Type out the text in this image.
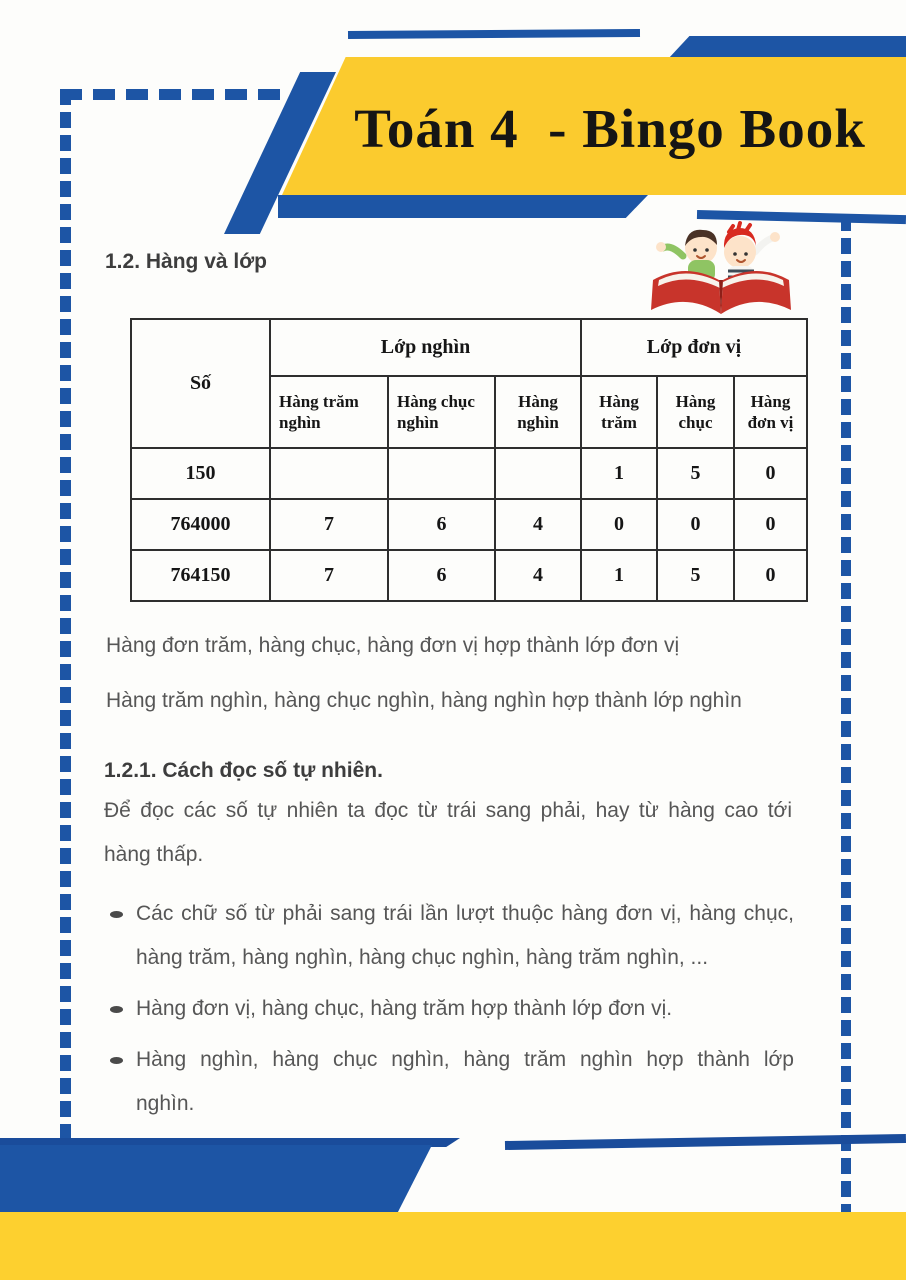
Toán 4  - Bingo Book
1.2. Hàng và lớp
Số	Lớp nghìn			Lớp đơn vị		
	Hàng trăm nghìn	Hàng chục nghìn	Hàng nghìn	Hàng trăm	Hàng chục	Hàng đơn vị
150				1	5	0
764000	7	6	4	0	0	0
764150	7	6	4	1	5	0
Hàng đơn trăm, hàng chục, hàng đơn vị hợp thành lớp đơn vị
Hàng trăm nghìn, hàng chục nghìn, hàng nghìn hợp thành lớp nghìn
1.2.1. Cách đọc số tự nhiên.
Để đọc các số tự nhiên ta đọc từ trái sang phải, hay từ hàng cao tới
hàng thấp.
Các chữ số từ phải sang trái lần lượt thuộc hàng đơn vị, hàng chục,
hàng trăm, hàng nghìn, hàng chục nghìn, hàng trăm nghìn, ...
Hàng đơn vị, hàng chục, hàng trăm hợp thành lớp đơn vị.
Hàng nghìn, hàng chục nghìn, hàng trăm nghìn hợp thành lớp
nghìn.
